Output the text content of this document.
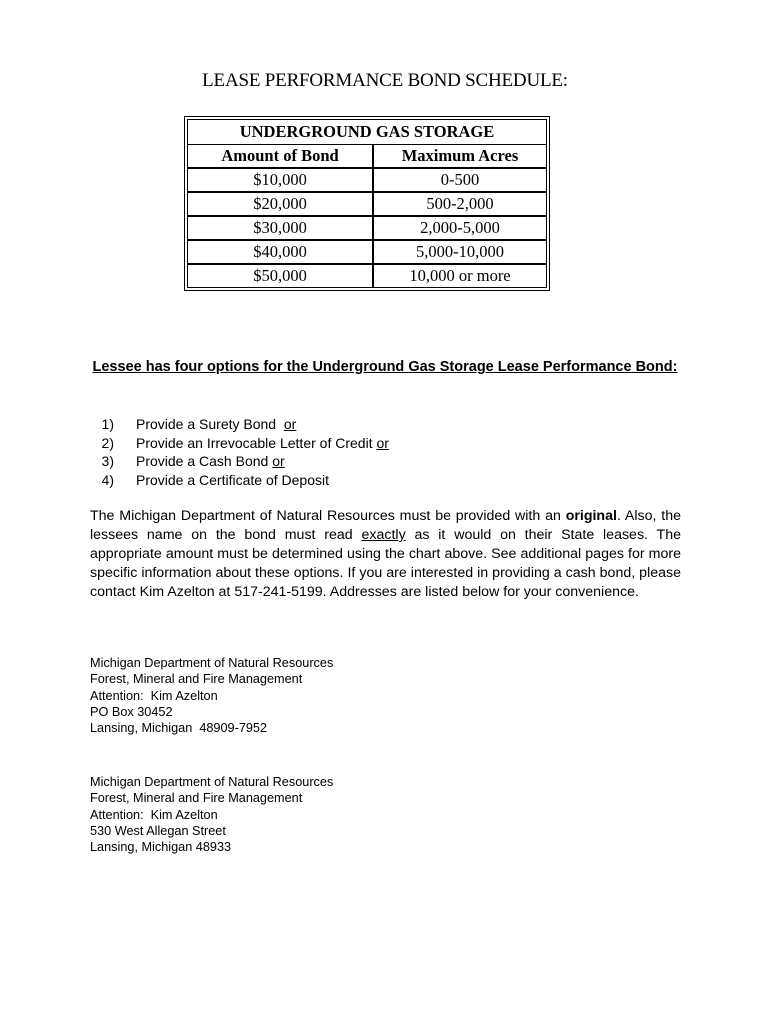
LEASE PERFORMANCE BOND SCHEDULE:
UNDERGROUND GAS STORAGE	
Amount of Bond	Maximum Acres
$10,000	0-500
$20,000	500-2,000
$30,000	2,000-5,000
$40,000	5,000-10,000
$50,000	10,000 or more
Lessee has four options for the Underground Gas Storage Lease Performance Bond:
1) Provide a Surety Bond  or
2) Provide an Irrevocable Letter of Credit or
3) Provide a Cash Bond or
4) Provide a Certificate of Deposit
The Michigan Department of Natural Resources must be provided with an original. Also, the lessees name on the bond must read exactly as it would on their State leases. The appropriate amount must be determined using the chart above. See additional pages for more specific information about these options. If you are interested in providing a cash bond, please contact Kim Azelton at 517-241-5199. Addresses are listed below for your convenience.
Michigan Department of Natural Resources
Forest, Mineral and Fire Management
Attention:  Kim Azelton
PO Box 30452
Lansing, Michigan  48909-7952
Michigan Department of Natural Resources
Forest, Mineral and Fire Management
Attention:  Kim Azelton
530 West Allegan Street
Lansing, Michigan 48933
